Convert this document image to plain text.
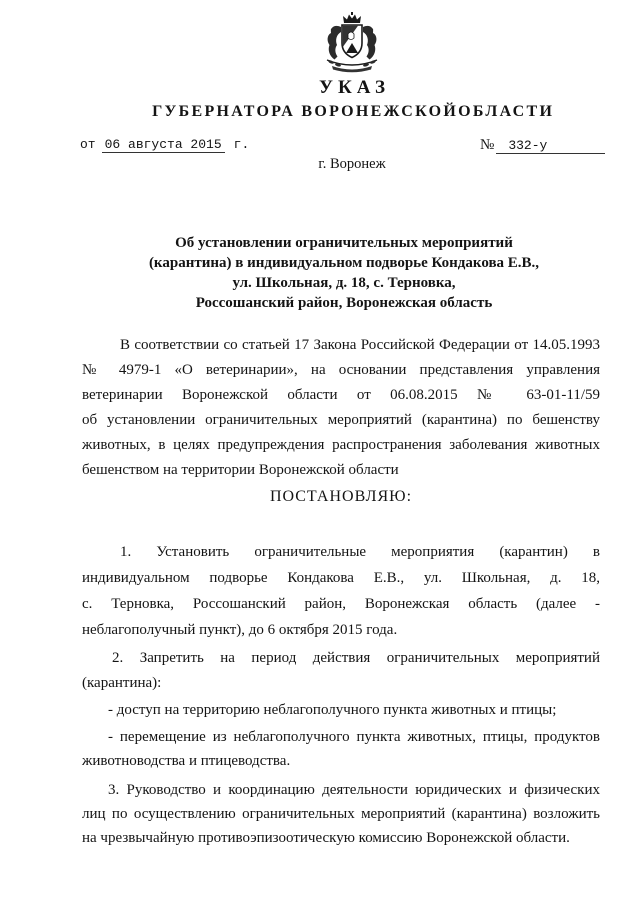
УКАЗ
ГУБЕРНАТОРА ВОРОНЕЖСКОЙОБЛАСТИ
от 06 августа 2015 г.	№ 332-у
г. Воронеж
Об установлении ограничительных мероприятий
(карантина) в индивидуальном подворье Кондакова Е.В.,
ул. Школьная, д. 18, с. Терновка,
Россошанский район, Воронежская область
В соответствии со статьей 17 Закона Российской Федерации от 14.05.1993
№ 4979-1 «О ветеринарии», на основании представления управления
ветеринарии Воронежской области от 06.08.2015 № 63-01-11/59
об установлении ограничительных мероприятий (карантина) по бешенству
животных, в целях предупреждения распространения заболевания животных
бешенством на территории Воронежской области
ПОСТАНОВЛЯЮ:
1. Установить ограничительные мероприятия (карантин) в
индивидуальном подворье Кондакова Е.В., ул. Школьная, д. 18,
с. Терновка, Россошанский район, Воронежская область (далее -
неблагополучный пункт), до 6 октября 2015 года.
2. Запретить на период действия ограничительных мероприятий
(карантина):
- доступ на территорию неблагополучного пункта животных и птицы;
- перемещение из неблагополучного пункта животных, птицы, продуктов
животноводства и птицеводства.
3. Руководство и координацию деятельности юридических и физических
лиц по осуществлению ограничительных мероприятий (карантина) возложить
на чрезвычайную противоэпизоотическую комиссию Воронежской области.
